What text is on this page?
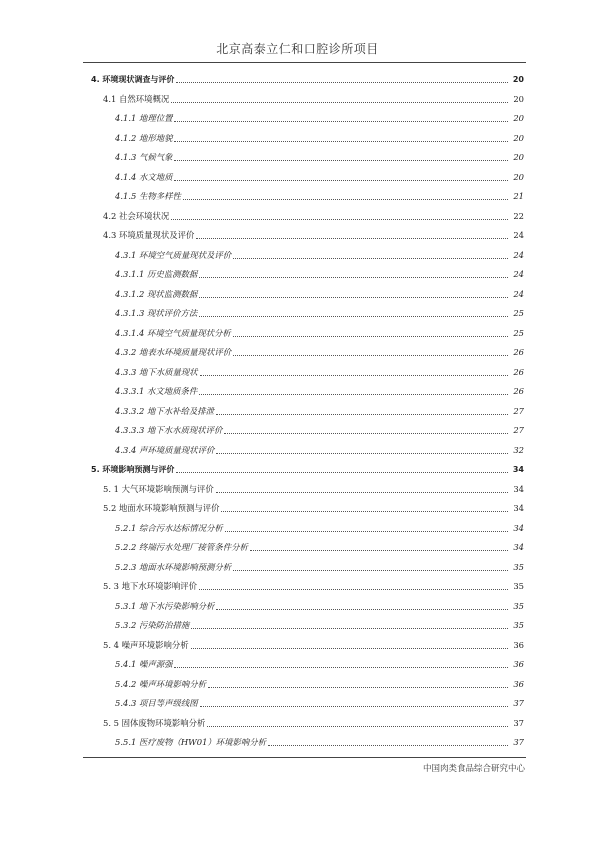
北京高泰立仁和口腔诊所项目
4. 环境现状调查与评价	20
4.1 自然环境概况	20
4.1.1 地理位置	20
4.1.2 地形地貌	20
4.1.3 气候气象	20
4.1.4 水文地质	20
4.1.5 生物多样性	21
4.2 社会环境状况	22
4.3 环境质量现状及评价	24
4.3.1 环境空气质量现状及评价	24
4.3.1.1 历史监测数据	24
4.3.1.2 现状监测数据	24
4.3.1.3 现状评价方法	25
4.3.1.4 环境空气质量现状分析	25
4.3.2 地表水环境质量现状评价	26
4.3.3 地下水质量现状	26
4.3.3.1 水文地质条件	26
4.3.3.2 地下水补给及排泄	27
4.3.3.3 地下水水质现状评价	27
4.3.4 声环境质量现状评价	32
5. 环境影响预测与评价	34
5. 1 大气环境影响预测与评价	34
5.2 地面水环境影响预测与评价	34
5.2.1 综合污水达标情况分析	34
5.2.2 终端污水处理厂接管条件分析	34
5.2.3 地面水环境影响预测分析	35
5. 3 地下水环境影响评价	35
5.3.1 地下水污染影响分析	35
5.3.2 污染防治措施	35
5. 4 噪声环境影响分析	36
5.4.1 噪声源强	36
5.4.2 噪声环境影响分析	36
5.4.3 项目等声级线图	37
5. 5 固体废物环境影响分析	37
5.5.1 医疗废物（HW01）环境影响分析	37
中国肉类食品综合研究中心
